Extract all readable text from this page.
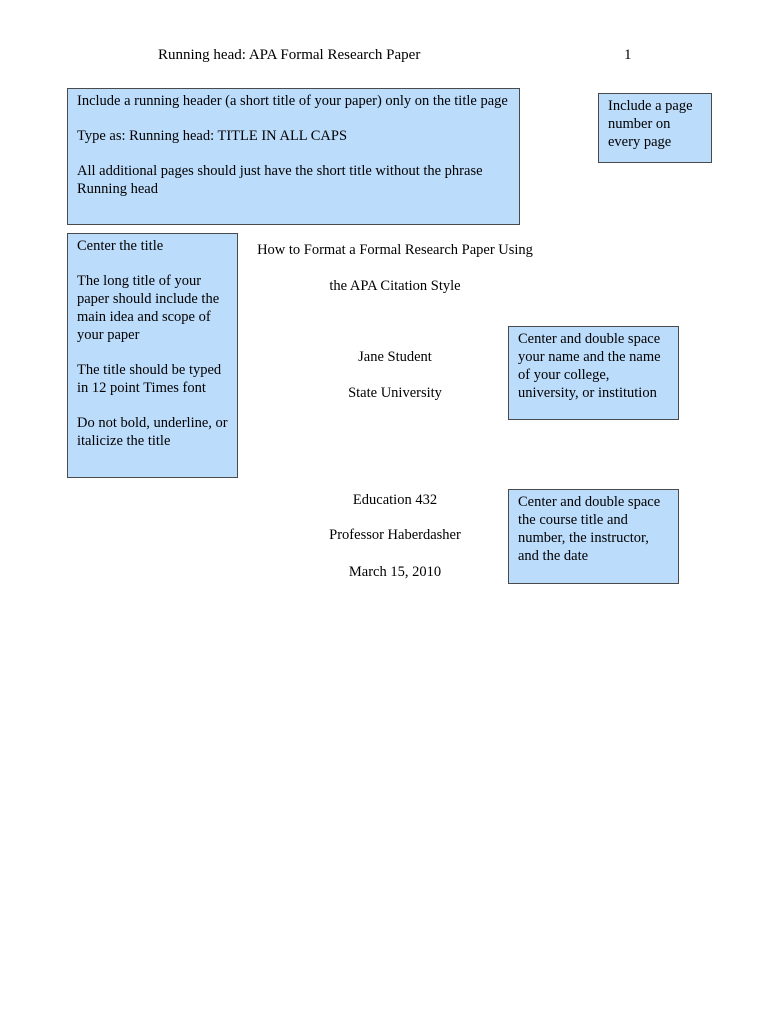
Running head: APA Formal Research Paper	1

Include a running header (a short title of your paper) only on the title page

Type as: Running head: TITLE IN ALL CAPS

All additional pages should just have the short title without the phrase Running head

Include a page number on every page

Center the title

The long title of your paper should include the main idea and scope of your paper

The title should be typed in 12 point Times font

Do not bold, underline, or italicize the title

Center and double space your name and the name of your college, university, or institution

Center and double space the course title and number, the instructor, and the date

How to Format a Formal Research Paper Using
the APA Citation Style
Jane Student
State University
Education 432
Professor Haberdasher
March 15, 2010
